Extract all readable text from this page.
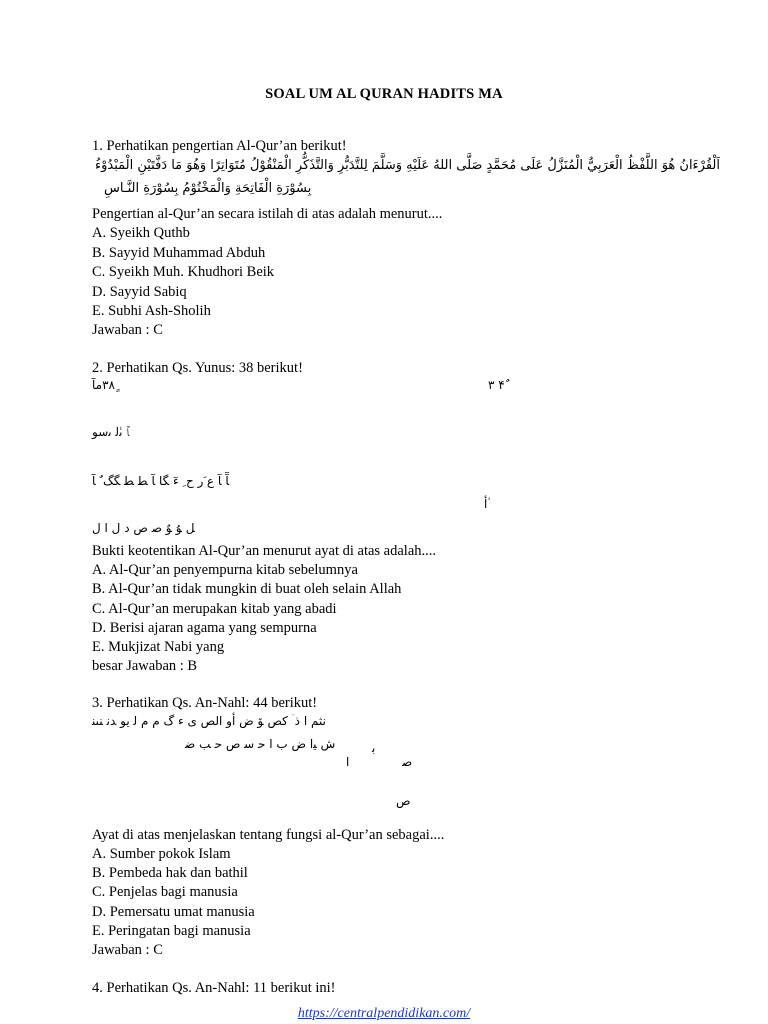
SOAL UM AL QURAN HADITS MA
1. Perhatikan pengertian Al-Qur’an berikut!
اَلْقُرْءَانُ هُوَ اللَّفْظُ الْعَرَبِيُّ الْمُنَزَّلُ عَلَى مُحَمَّدٍ صَلَّى اللهُ عَلَيْهِ وَسَلَّمَ لِلتَّدَبُّرِ وَالتَّذَكُّرِ الْمَنْقُوْلُ مُتَوَاتِرًا وَهُوَ مَا دَفَّتَيْنِ الْمَبْدُوْءُ
بِسُوْرَةِ الْفَاتِحَةِ وَالْمَخْتُوْمُ بِسُوْرَةِ النَّـاسِ
Pengertian al-Qur’an secara istilah di atas adalah menurut....
A. Syeikh Quthb
B. Sayyid Muhammad Abduh
C. Syeikh Muh. Khudhori Beik
D. Sayyid Sabiq
E. Subhi Ash-Sholih
Jawaban : C
2. Perhatikan Qs. Yunus: 38 berikut!
ٍ۳۸ﻣﺎٓ	ٌ۴ ۳
ﭑ ﯨٰﻟ ﯨﺳﻮ
ﺂٓ ﺂ ﻉ َر ح ِ ﺀٓ ﮕﺎ ﺂ ﻄ ﻄ ﮕﮓ ٌ ﺂ
ؙﺃ
ﻞ ﯘ ﻮٌ ﺻ ﺹ ﺩ ﻝ ﺍ ﻝ
Bukti keotentikan Al-Qur’an menurut ayat di atas adalah....
A. Al-Qur’an penyempurna kitab sebelumnya
B. Al-Qur’an tidak mungkin di buat oleh selain Allah
C. Al-Qur’an merupakan kitab yang abadi
D. Berisi ajaran agama yang sempurna
E. Mukjizat Nabi yang
besar Jawaban : B
3. Perhatikan Qs. An-Nahl: 44 berikut!
ﻧﺜﻢ ﺍ ﺫ ۤ ﻛﺺ ﯚ ﺽ ﺃﻭ ﺍﻟﺺ ﻯ ﺀ ﮒ ﻡ ﻡ ﻟ ﻳﻮ ﺪﻧ ﻨﯩﻨ
ﺵ ﻴﺍ ﺽ ﺏ ﺍ ﺣ ﺳ ﺹ ﺣ ﺐ ﺿ
ﺻ
ﺑ
ﺍ
ﺹ
Ayat di atas menjelaskan tentang fungsi al-Qur’an sebagai....
A. Sumber pokok Islam
B. Pembeda hak dan bathil
C. Penjelas bagi manusia
D. Pemersatu umat manusia
E. Peringatan bagi manusia
Jawaban : C
4. Perhatikan Qs. An-Nahl: 11 berikut ini!
https://centralpendidikan.com/
